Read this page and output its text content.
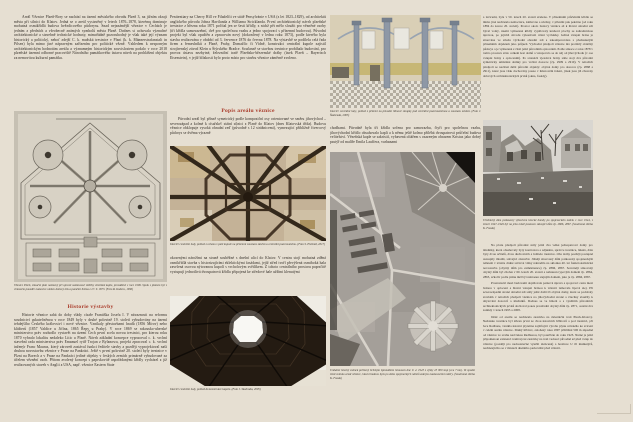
Areál Věznice Plzeň-Bory se nachází na území městského obvodu Plzeň 3, na jižním okraji města při silnici do Klatov. Jedná se o areál vystavěný v letech 1876–1878, kterému dominuje mohutná osmikřídlá budova hvězdicového půdorysu. Snad nejznámější věznice v Čechách je jedním z předních a všeobecně známých symbolů města Plzně. Dodnes si uchovala význačné architektonické a stavebně technické hodnoty, mimořádně pozoruhodný je však také její význam historický a politický, neboť zdejší C. k. mužská trestnice v Plzni (k. k. Männerstrafanstalt in Pilsen) byla mimo jiné nápravným zařízením pro politické vězně. Vzhledem k nesporným architektonickým hodnotám areálu a významným historickým souvislostem podalo v roce 2018 plzeňské územní odborné pracoviště Národního památkového ústavu návrh na prohlášení objektu za nemovitou kulturní památku.
Věznice Plzeň, situační plán nalezený při opravě sanktusové věžičky vězeňské kaple, prováděné v roce 1996. Spolu s plánem byl v cínkovém pouzdře makovice uložen dobový tisk a pamětní listina z 27. 9. 1873. (Foto R. Kodera, 1996)
Historie výstavby
Historie věznice sahá do doby vlády císaře Františka Josefa I. V návaznosti na reformu soudnictví uskutečněnou v roce 1849 byly v druhé polovině 19. století vybudovány na území tehdejšího Českého království i nové věznice. Vznikaly přestavbami hradů (1856 Mírov) nebo klášterů (1857 Valdice u Jičína, 1865 Řepy u Prahy). V roce 1869 se rakousko-uherské ministerstvo práv rozhodlo vystavět na území Čech první zcela novou trestnici, pro kterou roku 1870 vybralo lokalitu nedaleko Litic u Plzně. Návrh základní koncepce vypracoval c. k. vrchní stavební rada ministerstva práv Emanuel rytíř Trojan z Bylanowa, projekt zpracoval c. k. vrchní inženýr Franc Maurus, který zároveň zastával funkci ředitele stavby a později vyprojektoval naši druhou novostavbu věznice v Praze na Pankráci. Ještě v první polovině 20. století byly trestnice v Plzni na Borech a v Praze na Pankráci jediné objekty v českých zemích primárně vybudované za účelem věznění osob. Přitom zvolený koncept s paprskovitě uspořádanými křídly vycházel z již realizovaných staveb v Anglii a USA, např. věznice Eastern State
Penitentiary na Cherry Hill ve Filadelfii ve státě Pensylvánie v USA (z let 1823–1829), od architektů anglického původu Johna Havilanda a Williama Stricklanda. První architektonický návrh plzeňské trestnice z března roku 1871 počítal jen se šesti křídly, z nichž pět mělo sloužit pro vězněné osoby (tři křídla samovazební, dvě pro společnou vazbu a jedno spojovací s přízemní budovou). Původní projekt byl však opuštěn a zpracován nový (dokončený v lednu roku 1873), podle kterého byla stavba realizována v období od 3. července 1876 do června 1878. Na výstavbě se podílela celá řada firem a řemeslníků z Plzně, Prahy, Domažlic či Vídně, konstrukci centrální kupole zajistil strojírenský závod Klein u Štýrského Hradce. Současně se stavbou trestnice probíhalo budování, pro provoz ústavu nezbytné, železniční tratě Plzeňsko-březenské dráhy (úsek Plzeň – Bayerisch Eisenstein), v jejíž blízkosti bylo proto místo pro stavbu věznice záměrně zvoleno.
Popis areálu věznice
Původní areál byl přísně symetrický podle kompoziční osy orientované ve směru jihovýchod – severozápad a kolmé k císařské/ státní silnici z Plzně do Klatov (dnes Klatovská třída). Budovu věznice obklopuje vysoká ohradní zeď (původně s 12 strážnicemi), vymezující přibližně čtvercový půdorys se dvěma výrazně
Interiér centrální haly, pohled z ochozu v patě kupole na přízemní soustavu závěsů a centrální pozorovatelnu. (Foto S. Plešmíd, 2017)
okosenými nárožími na straně souběžné s dnešní ulicí do Klatov. V centru stojí mohutná zděná osmikřídlá stavba s historizujícími eklektickými fasádami, jejíž střed tvoří převýšená osmiboká hala završená osovou nýtovanou kupolí s vrcholovým světlíkem. Z tohoto centrálního prostoru paprsčitě vystupují jednotlivá dvoupatrová křídla připojená ke středové hale užšími klenutými
Interiér centrální haly, pohled do konstrukce kupole. (Foto J. Škabrada, 2005)
Interiér centrální haly, pohled z přízemí na původní litinové sloupky pod centrální pozorovatelnou a soustavu závěsů. (Foto J. Škabrada, 2005)
chodbami. Původně byla tři křídla určena pro samovazbu, čtyři pro společnou vazbu, jihovýchodní křídlo obsahovalo kapli a k němu ještě kolmo přiléhá dvoupatrová průčelní budova velitelství. Vězeňská kaple se sakristií, vybavená oltářem s osazeným obrazem Kristus jako dobrý pastýř od malíře Emila Lauffera, varhanami
Unikátní letecký snímek pořízený britským špionážním letounem dne 9. 4. 1943 z výšky 23 000 stop (cca 7 km). Ve spodní části snímku areál věznice, hlavní budova byla po dobu spojeneckých náletů zakryta maskovacími nátěry. (Soukromá sbírka K. Fouda)
a lavicemi, byla v 50. letech 20. století zrušena. V přízemním průčelním křídle se mimo jiné nacházela nemocnice, knihovna a učebny, v přízemí pak pekárna (od roku 1884 do konce 20. století). Prostor okolo budovy věznice až k hlavní ohradní zdi býval volný, území vymezené křídly vyplňovaly kruhové plochy se zahradnickou úpravou, po jejichž obvodu vykonávali vězni vycházky. Jediná vstupní brána je situována ve středu východní ohradní zdi a zakomponována s předsunutým přízemním objektem jako průjezd. Východní předpolí věznice má protáhlý obdélný půdorys a je vymezené z části ještě původním oplocením. Podle situace z roku 1878 v tomto prostoru stálo celkem šest domů a vstupovalo se do něj od jihovýchodu (v ose vstupní brány s oplocením). Po stranách vjezdové brány stále stojí dva původní symetricky umístěné domky pro vrchní dozorce (čp. 2909 a 2910). V nárožích předpolí se nachází další původní objekty: obytné domy pro dozorce (čp. 2868 a 2911), které jsou však dochovány pouze v hmotovém řešení, jinak jsou již zbaveny dobových architektonických prvků (okna, fasády).
Úřednický dům poškozený výbuchem letecké bomby po spojeneckém náletu v roce 1944, v letech 1947–1949 byl na jeho místě postaven stávající dům čp. 2866, 2867. (Soukromá sbírka K. Fouda)
Na ploše předpolí původně stály ještě dva velké jednopatrové domy pro úředníky, které obsahovaly byty kontrolora a adjunkta, správce trestnice, lékaře, dále byty dvou učitelů, dvou duchovních a ředitele trestnice. Oba domy později postupně ustoupily mladší, stávající zástavbě. Jižněji situovaný dům poškozený spojeneckým náletem v závěru druhé světové války nahradila na sklonku 40. let funkcionalistická novostavba (obytný dům pro zaměstnance) čp. 2866, 2867. Severněji situovaný obytný dům byl zbořen v 60. letech 20. století a nahrazen typovým domem čp. 2864, 2865, ačkoliv podle plánu měl být nahrazen stejným domem, jako je čp. 2866, 2867.
Prostranství mezi budovami doplňovala parková úprava a spojovací cestu mezi bránou v oplocení a hlavní vstupní bránou k věznici lemovala lipová alej. Při severozápadní straně ohradní zdi stály ještě další tři obytné domy, které se podobaly stavbám v nárožích předpolí věznice na jihovýchodní straně a všechny sloužily k ubytování dozorců a úředníků. Dodnes se ve hmotě a s využitím původních architektonických prvků dochoval pouze prostřední obytný dům čp. 2871, ostatní dva zanikly v letech 1995 a 2008.
Jižně od areálu se nacházela zastávka na železniční trati Plzeň–Klatovy. Nedaleko trestnice byl zřízen první ze dvou ústavních hřbitovů a pod trestnicí, při řece Radbuze, vznikla ústavní plynárna zajišťující výrobu plynu určeného ke svícení v celém areálu věznice. Druhý hřbitov, založený roku 1897 přibližně 500 m západně od věznice ve svahu nad řekou Radbuzou, byl používán do roku 1923. Nutné je ještě připomenout existenci tramvajové zastávky na trati vedoucí původně až před vstup do věznice (později pro nedostatečné využití zkrácené) a hostince U tří mušketýrů, nacházejícího se v místech dnešního parkoviště před věznicí.
